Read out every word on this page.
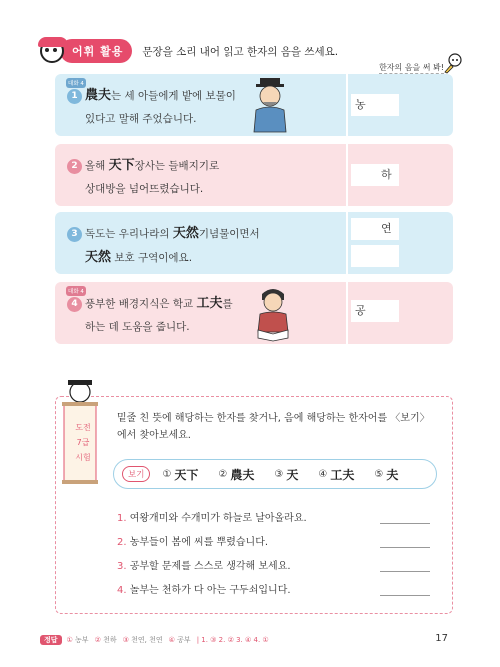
어휘 활용	문장을 소리 내어 읽고 한자의 음을 쓰세요.
한자의 음을 써 봐!
대화 4
1 農夫는 세 아들에게 밭에 보물이
있다고 말해 주었습니다.
농
2 올해 天下장사는 들배지기로
상대방을 넘어뜨렸습니다.
하
3 독도는 우리나라의 天然기념물이면서
天然 보호 구역이에요.
연
대화 4
4 풍부한 배경지식은 학교 工夫를
하는 데 도움을 줍니다.
공
도전
7급
시험
밑줄 친 뜻에 해당하는 한자를 찾거나, 음에 해당하는 한자어를 〈보기〉에서 찾아보세요.
보기	① 天下 ② 農夫 ③ 天 ④ 工夫 ⑤ 夫
1. 여왕개미와 수개미가 하늘로 날아올라요.
2. 농부들이 봄에 씨를 뿌렸습니다.
3. 공부할 문제를 스스로 생각해 보세요.
4. 놀부는 천하가 다 아는 구두쇠입니다.
정답	① 농부 ② 천하 ③ 천연, 천연 ④ 공부 | 1. ③ 2. ② 3. ④ 4. ①	17
